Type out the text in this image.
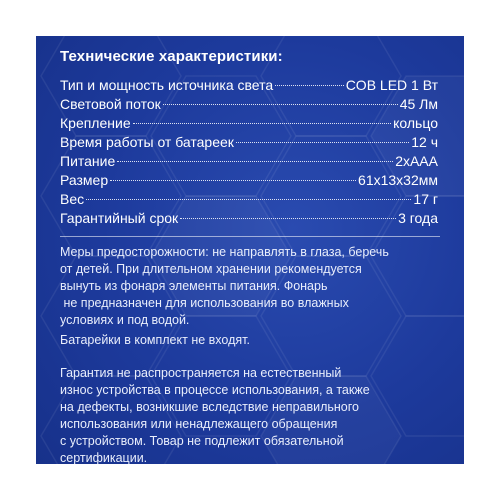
Технические характеристики:
Тип и мощность источника света	COB LED 1 Вт
Световой поток	45 Лм
Крепление	кольцо
Время работы от батареек	12 ч
Питание	2хААА
Размер	61х13х32мм
Вес	17 г
Гарантийный срок	3 года
Меры предосторожности: не направлять в глаза, беречь
от детей. При длительном хранении рекомендуется
вынуть из фонаря элементы питания. Фонарь
не предназначен для использования во влажных
условиях и под водой.
Батарейки в комплект не входят.
Гарантия не распространяется на естественный
износ устройства в процессе использования, а также
на дефекты, возникшие вследствие неправильного
использования или ненадлежащего обращения
с устройством. Товар не подлежит обязательной
сертификации.
